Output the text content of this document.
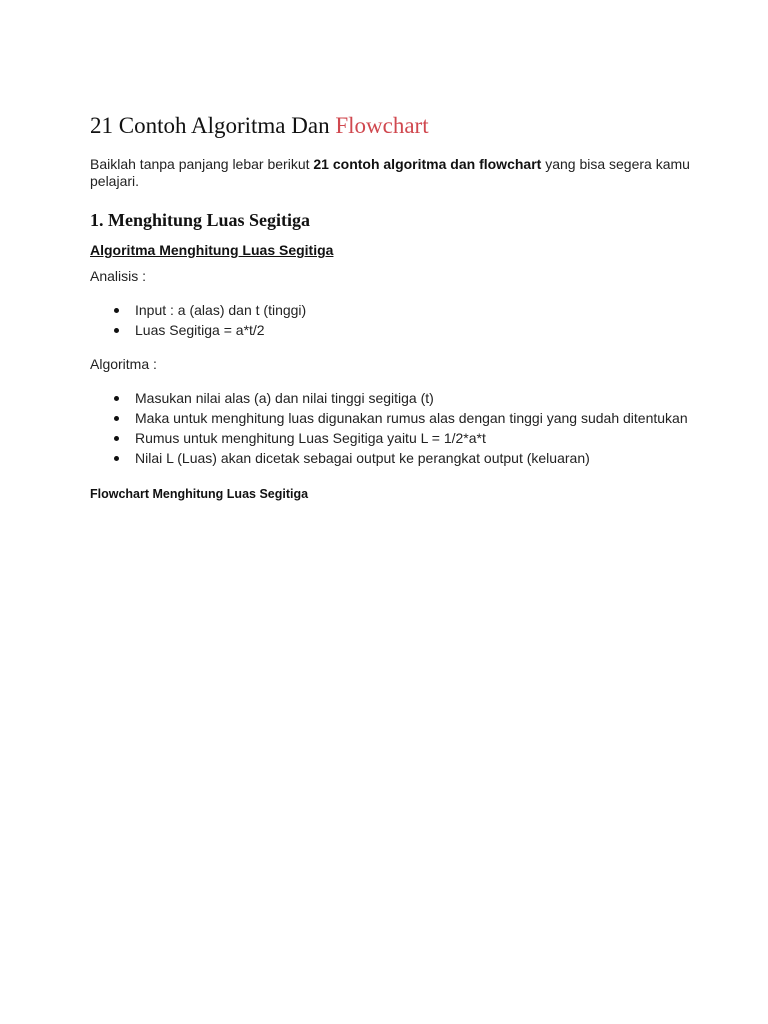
21 Contoh Algoritma Dan Flowchart

Baiklah tanpa panjang lebar berikut 21 contoh algoritma dan flowchart yang bisa segera kamu pelajari.

1. Menghitung Luas Segitiga

Algoritma Menghitung Luas Segitiga

Analisis :

Input : a (alas) dan t (tinggi)
Luas Segitiga = a*t/2

Algoritma :

Masukan nilai alas (a) dan nilai tinggi segitiga (t)
Maka untuk menghitung luas digunakan rumus alas dengan tinggi yang sudah ditentukan
Rumus untuk menghitung Luas Segitiga yaitu L = 1/2*a*t
Nilai L (Luas) akan dicetak sebagai output ke perangkat output (keluaran)

Flowchart Menghitung Luas Segitiga
